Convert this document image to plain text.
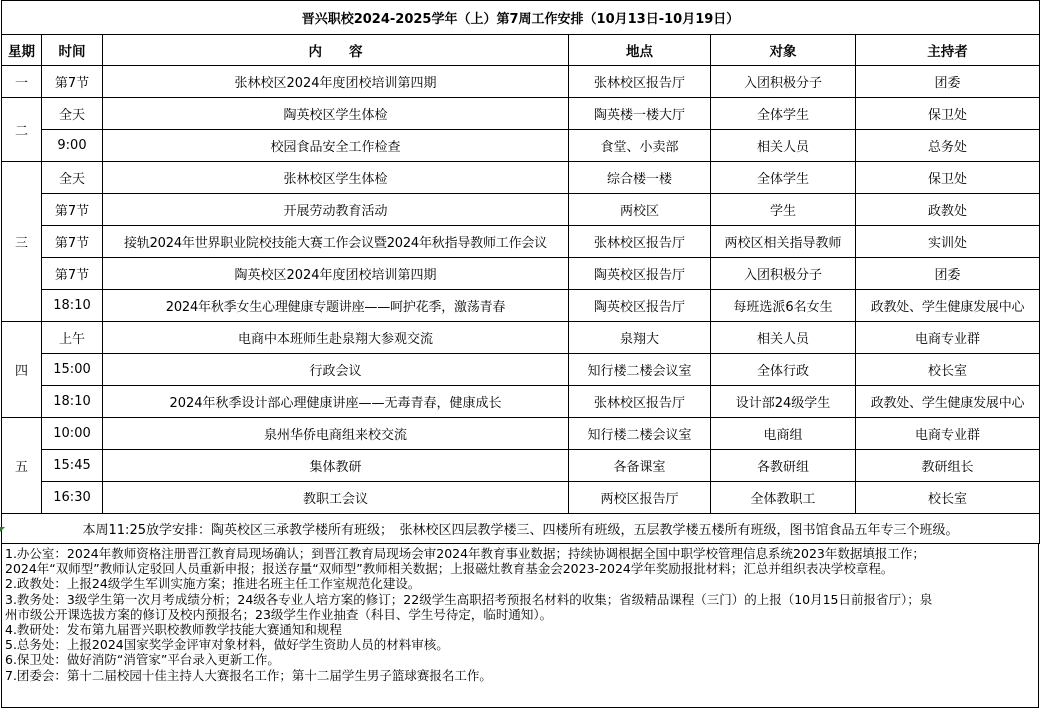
晋兴职校2024-2025学年（上）第7周工作安排（10月13日-10月19日）					
星期	时间	内　　容	地点	对象	主持者
一	第7节	张林校区2024年度团校培训第四期	张林校区报告厅	入团积极分子	团委
二	全天	陶英校区学生体检	陶英楼一楼大厅	全体学生	保卫处
	9:00	校园食品安全工作检查	食堂、小卖部	相关人员	总务处
三	全天	张林校区学生体检	综合楼一楼	全体学生	保卫处
	第7节	开展劳动教育活动	两校区	学生	政教处
	第7节	接轨2024年世界职业院校技能大赛工作会议暨2024年秋指导教师工作会议	张林校区报告厅	两校区相关指导教师	实训处
	第7节	陶英校区2024年度团校培训第四期	陶英校区报告厅	入团积极分子	团委
	18:10	2024年秋季女生心理健康专题讲座——呵护花季，激荡青春	陶英校区报告厅	每班选派6名女生	政教处、学生健康发展中心
四	上午	电商中本班师生赴泉翔大参观交流	泉翔大	相关人员	电商专业群
	15:00	行政会议	知行楼二楼会议室	全体行政	校长室
	18:10	2024年秋季设计部心理健康讲座——无毒青春，健康成长	张林校区报告厅	设计部24级学生	政教处、学生健康发展中心
五	10:00	泉州华侨电商组来校交流	知行楼二楼会议室	电商组	电商专业群
	15:45	集体教研	各备课室	各教研组	教研组长
	16:30	教职工会议	两校区报告厅	全体教职工	校长室
本周11:25放学安排：陶英校区三承教学楼所有班级；　张林校区四层教学楼三、四楼所有班级，五层教学楼五楼所有班级，图书馆食品五年专三个班级。					
1.办公室：2024年教师资格注册晋江教育局现场确认；到晋江教育局现场会审2024年教育事业数据；持续协调根据全国中职学校管理信息系统2023年数据填报工作；
2024年“双师型”教师认定驳回人员重新申报；报送存量“双师型”教师相关数据；上报磁灶教育基金会2023-2024学年奖励报批材料；汇总并组织表决学校章程。
2.政教处：上报24级学生军训实施方案；推进名班主任工作室规范化建设。
3.教务处：3级学生第一次月考成绩分析；24级各专业人培方案的修订；22级学生高职招考预报名材料的收集；省级精品课程（三门）的上报（10月15日前报省厅）；泉
州市级公开课选拔方案的修订及校内预报名；23级学生作业抽查（科目、学生号待定，临时通知）。
4.教研处：发布第九届晋兴职校教师教学技能大赛通知和规程
5.总务处：上报2024国家奖学金评审对象材料，做好学生资助人员的材料审核。
6.保卫处：做好消防“消管家”平台录入更新工作。
7.团委会：第十二届校园十佳主持人大赛报名工作；第十二届学生男子篮球赛报名工作。
